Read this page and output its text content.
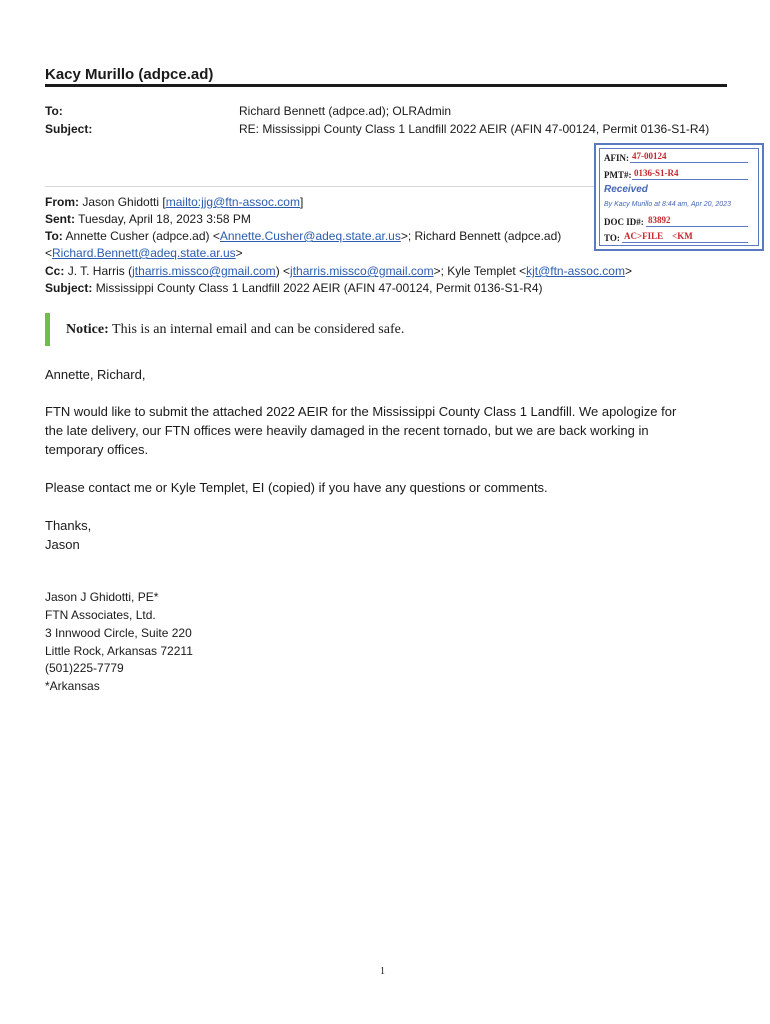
Kacy Murillo (adpce.ad)
To:	Richard Bennett (adpce.ad); OLRAdmin
Subject:	RE: Mississippi County Class 1 Landfill 2022 AEIR (AFIN 47-00124, Permit 0136-S1-R4)
AFIN: 47-00124
PMT#: 0136-S1-R4
Received
By Kacy Murillo at 8:44 am, Apr 20, 2023
DOC ID#: 83892
TO: AC>FILE    <KM
From: Jason Ghidotti [mailto:jjg@ftn-assoc.com]
Sent: Tuesday, April 18, 2023 3:58 PM
To: Annette Cusher (adpce.ad) <Annette.Cusher@adeq.state.ar.us>; Richard Bennett (adpce.ad)
<Richard.Bennett@adeq.state.ar.us>
Cc: J. T. Harris (jtharris.missco@gmail.com) <jtharris.missco@gmail.com>; Kyle Templet <kjt@ftn-assoc.com>
Subject: Mississippi County Class 1 Landfill 2022 AEIR (AFIN 47-00124, Permit 0136-S1-R4)
Notice: This is an internal email and can be considered safe.
Annette, Richard,
FTN would like to submit the attached 2022 AEIR for the Mississippi County Class 1 Landfill. We apologize for
the late delivery, our FTN offices were heavily damaged in the recent tornado, but we are back working in
temporary offices.
Please contact me or Kyle Templet, EI (copied) if you have any questions or comments.
Thanks,
Jason
Jason J Ghidotti, PE*
FTN Associates, Ltd.
3 Innwood Circle, Suite 220
Little Rock, Arkansas 72211
(501)225-7779
*Arkansas
1
